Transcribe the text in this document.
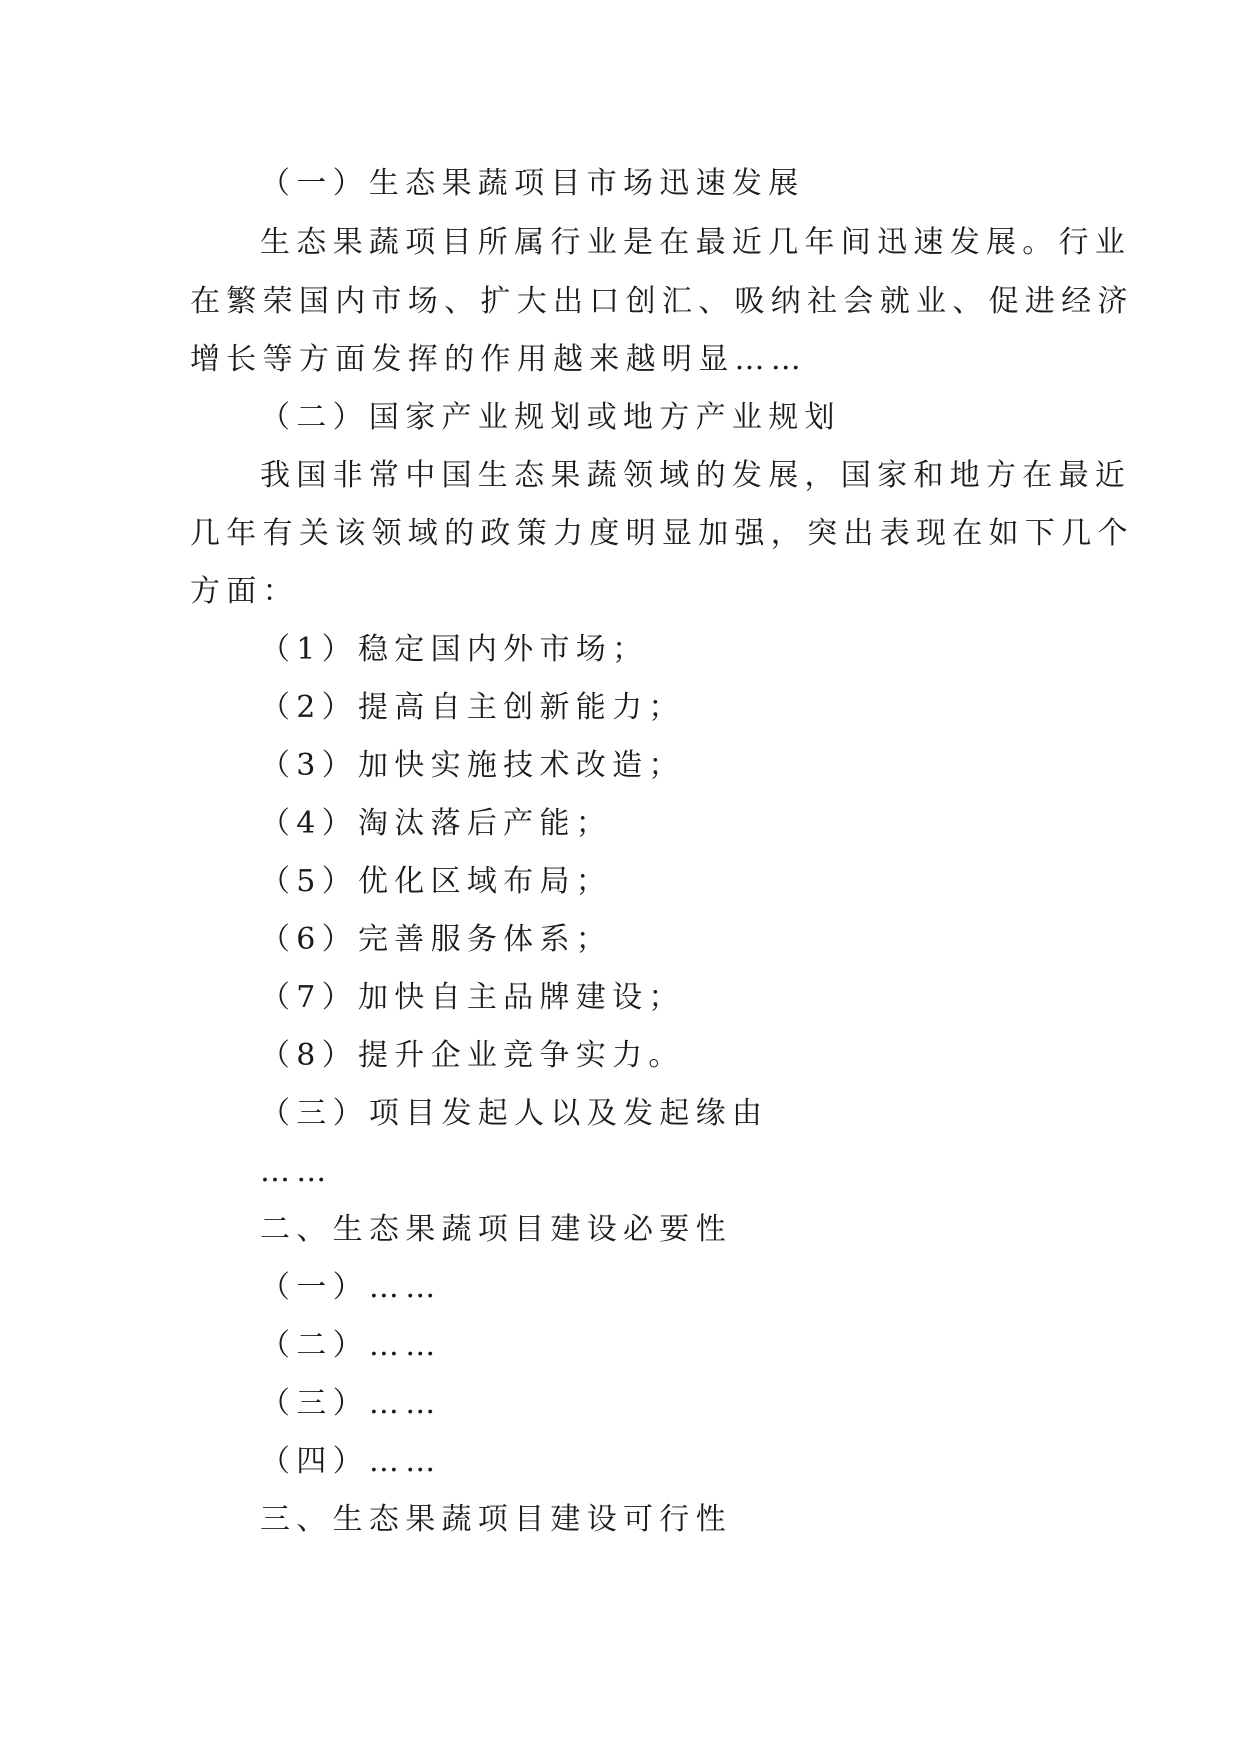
（一）生态果蔬项目市场迅速发展
生态果蔬项目所属行业是在最近几年间迅速发展。行业
在繁荣国内市场、扩大出口创汇、吸纳社会就业、促进经济
增长等方面发挥的作用越来越明显……
（二）国家产业规划或地方产业规划
我国非常中国生态果蔬领域的发展，国家和地方在最近
几年有关该领域的政策力度明显加强，突出表现在如下几个
方面：
（1）稳定国内外市场；
（2）提高自主创新能力；
（3）加快实施技术改造；
（4）淘汰落后产能；
（5）优化区域布局；
（6）完善服务体系；
（7）加快自主品牌建设；
（8）提升企业竞争实力。
（三）项目发起人以及发起缘由
……
二、生态果蔬项目建设必要性
（一）……
（二）……
（三）……
（四）……
三、生态果蔬项目建设可行性
